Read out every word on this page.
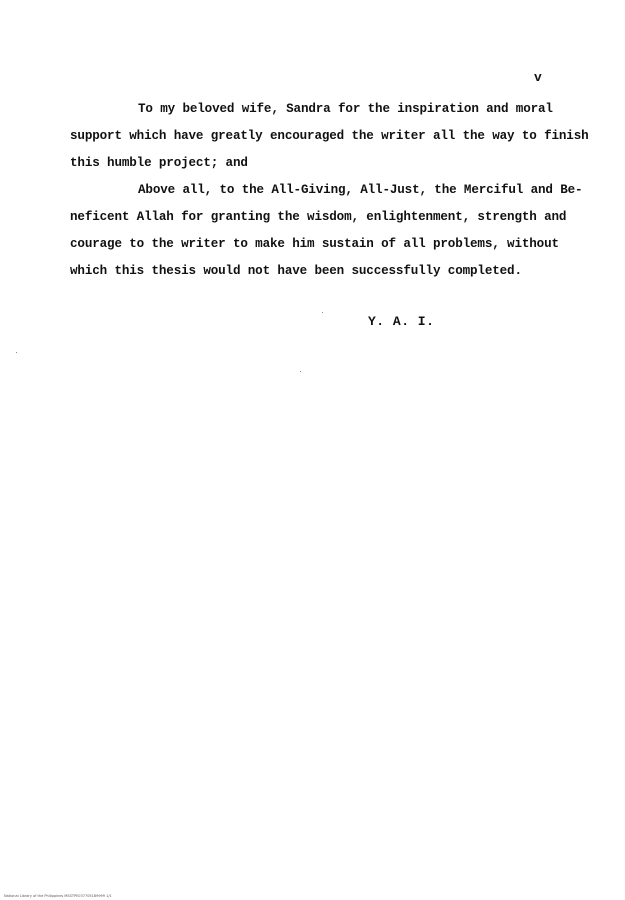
v

To my beloved wife, Sandra for the inspiration and moral
support which have greatly encouraged the writer all the way to finish
this humble project; and

Above all, to the All-Giving, All-Just, the Merciful and Be-
neficent Allah for granting the wisdom, enlightenment, strength and
courage to the writer to make him sustain of all problems, without
which this thesis would not have been successfully completed.

Y. A. I.
National Library of the Philippines MSSTPE037705189999 1/1
